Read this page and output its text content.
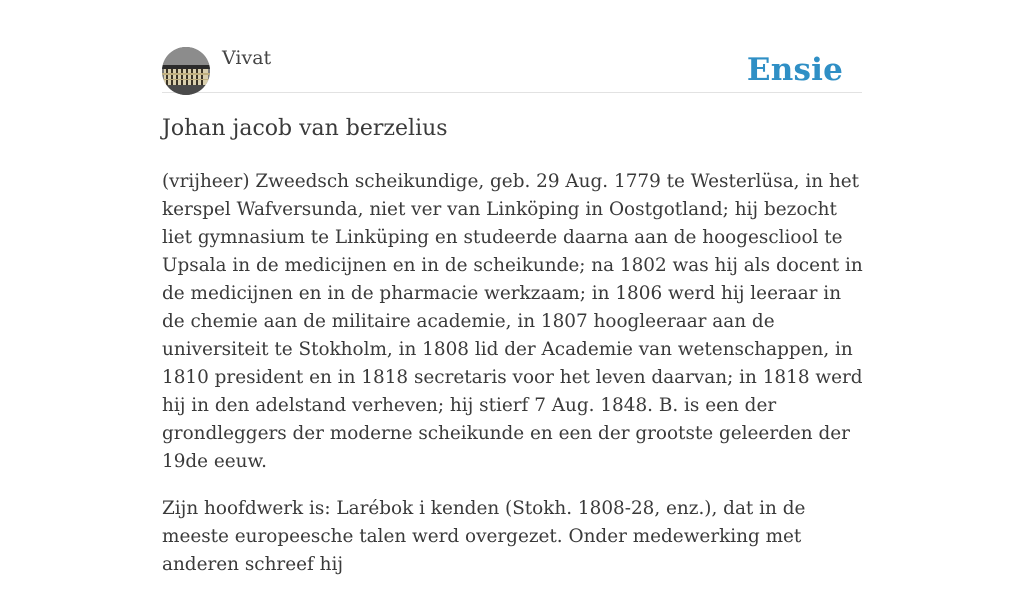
Vivat	Ensie
Johan jacob van berzelius

(vrijheer) Zweedsch scheikundige, geb. 29 Aug. 1779 te Westerlüsa, in het kerspel Wafversunda, niet ver van Linköping in Oostgotland; hij bezocht liet gymnasium te Linküping en studeerde daarna aan de hoogescliool te Upsala in de medicijnen en in de scheikunde; na 1802 was hij als docent in de medicijnen en in de pharmacie werkzaam; in 1806 werd hij leeraar in de chemie aan de militaire academie, in 1807 hoogleeraar aan de universiteit te Stokholm, in 1808 lid der Academie van wetenschappen, in 1810 president en in 1818 secretaris voor het leven daarvan; in 1818 werd hij in den adelstand verheven; hij stierf 7 Aug. 1848. B. is een der grondleggers der moderne scheikunde en een der grootste geleerden der 19de eeuw.

Zijn hoofdwerk is: Larébok i kenden (Stokh. 1808-28, enz.), dat in de meeste europeesche talen werd overgezet. Onder medewerking met anderen schreef hij
